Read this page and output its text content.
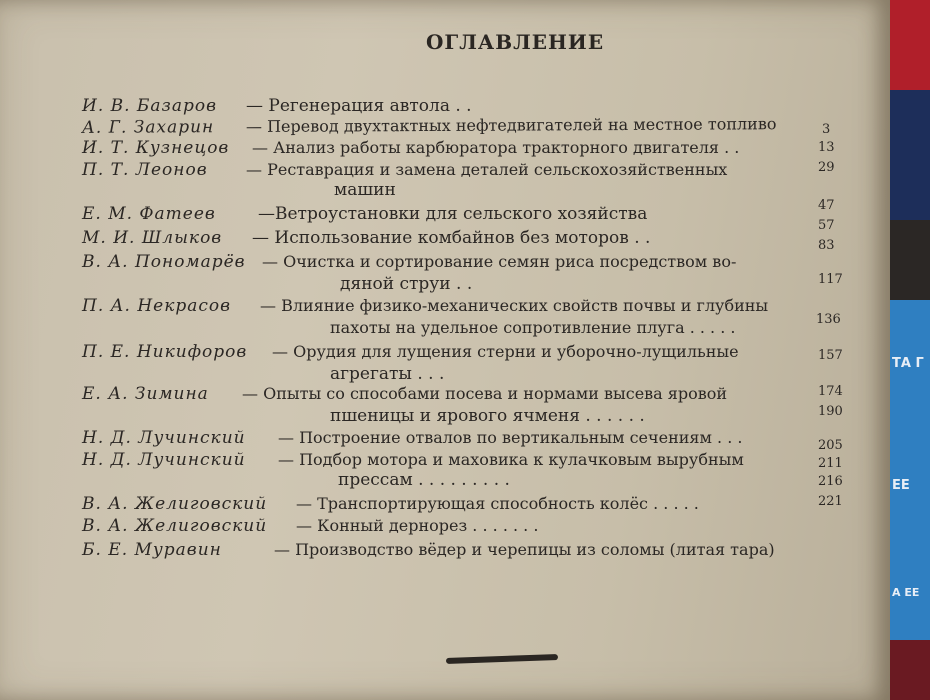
ОГЛАВЛЕНИЕ
И. В. Базаров — Регенерация автола . .
А. Г. Захарин — Перевод двухтактных нефтедвигателей на местное топливо
И. Т. Кузнецов — Анализ работы карбюратора тракторного двигателя . .
П. Т. Леонов — Реставрация и замена деталей сельскохозяйственных
машин
Е. М. Фатеев —Ветроустановки для сельского хозяйства
М. И. Шлыков — Использование комбайнов без моторов . .
В. А. Пономарёв — Очистка и сортирование семян риса посредством во-
дяной струи . .
П. А. Некрасов — Влияние физико-механических свойств почвы и глубины
пахоты на удельное сопротивление плуга . . . . .
П. Е. Никифоров — Орудия для лущения стерни и уборочно-лущильные
агрегаты . . .
Е. А. Зимина — Опыты со способами посева и нормами высева яровой
пшеницы и ярового ячменя . . . . . .
Н. Д. Лучинский — Построение отвалов по вертикальным сечениям . . .
Н. Д. Лучинский — Подбор мотора и маховика к кулачковым вырубным
прессам . . . . . . . . .
В. А. Желиговский — Транспортирующая способность колёс . . . . .
В. А. Желиговский — Конный дернорез . . . . . . .
Б. Е. Муравин	— Производство вёдер и черепицы из соломы (литая тара)
3
13
29
47
57
83
117
136
157
174
190
205
211
216
221
ТА Г
ЕЕ
А ЕЕ
